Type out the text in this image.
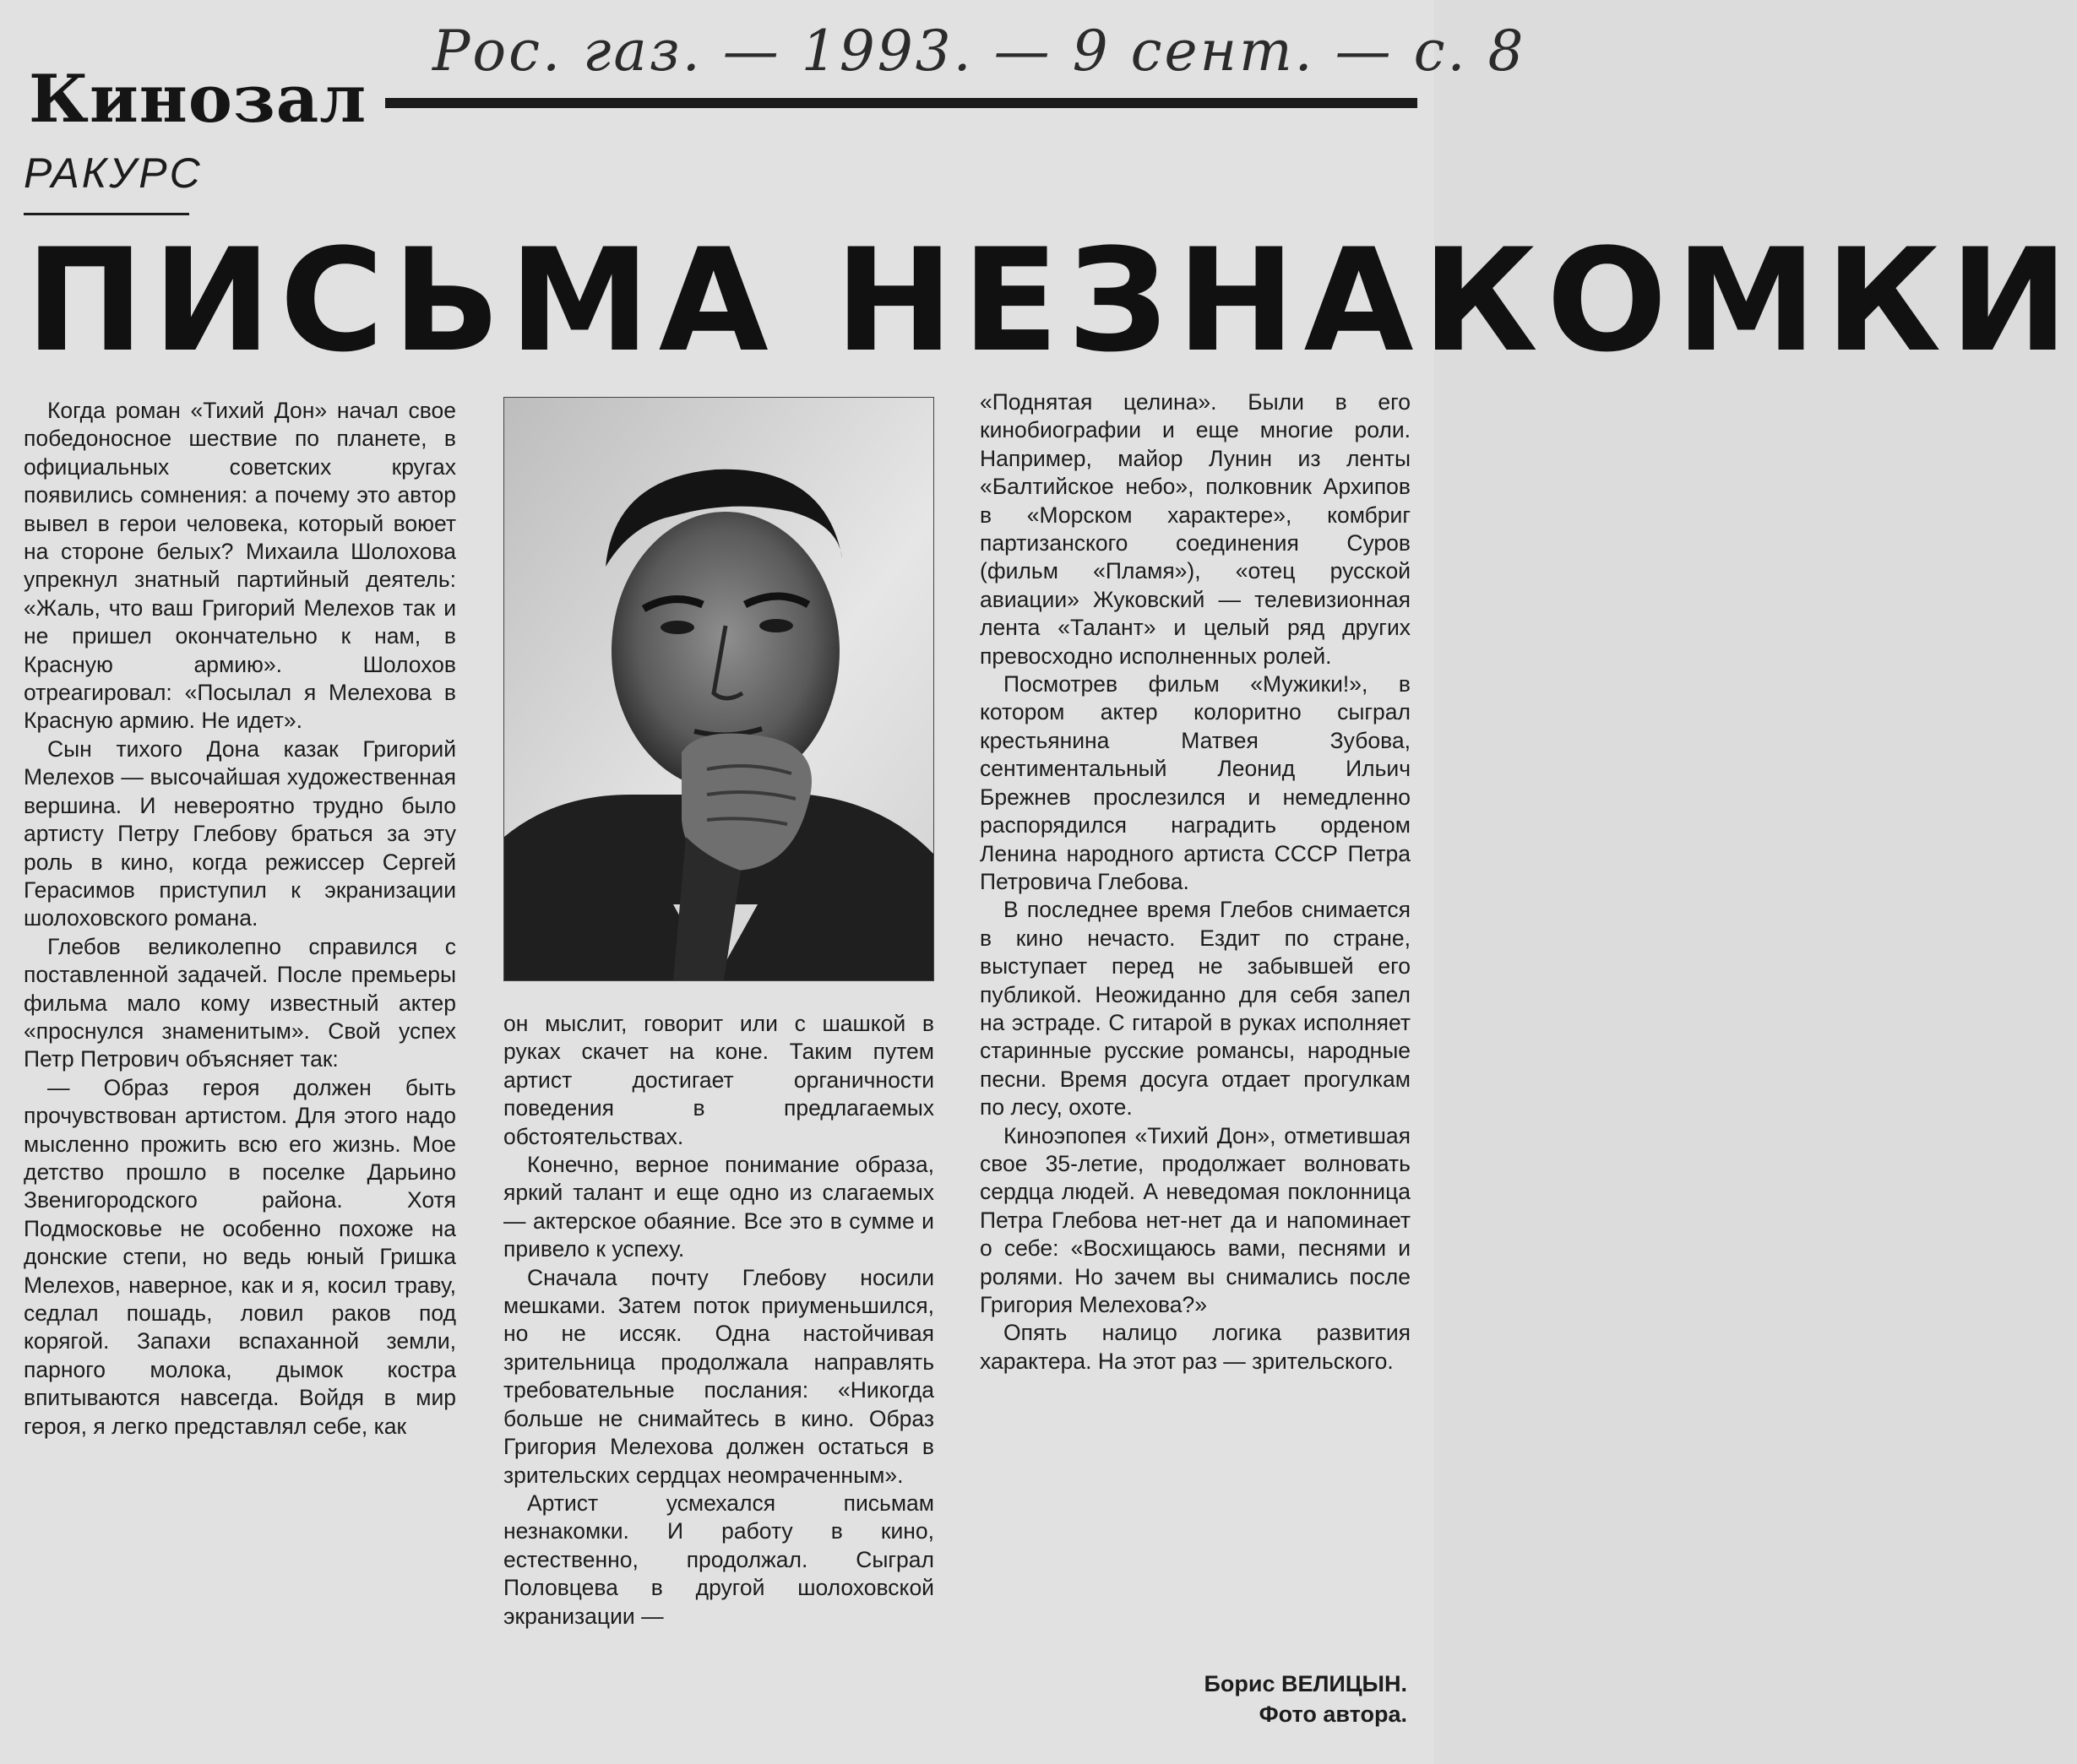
Рос. газ. — 1993. — 9 сент. — с. 8
Кинозал
РАКУРС
ПИСЬМА НЕЗНАКОМКИ

Когда роман «Тихий Дон» начал свое победоносное шествие по планете, в официальных советских кругах появились сомнения: а почему это автор вывел в герои человека, который воюет на стороне белых? Михаила Шолохова упрекнул знатный партийный деятель: «Жаль, что ваш Григорий Мелехов так и не пришел окончательно к нам, в Красную армию». Шолохов отреагировал: «Посылал я Мелехова в Красную армию. Не идет».

Сын тихого Дона казак Григорий Мелехов — высочайшая художественная вершина. И невероятно трудно было артисту Петру Глебову браться за эту роль в кино, когда режиссер Сергей Герасимов приступил к экранизации шолоховского романа.

Глебов великолепно справился с поставленной задачей. После премьеры фильма мало кому известный актер «проснулся знаменитым». Свой успех Петр Петрович объясняет так:

— Образ героя должен быть прочувствован артистом. Для этого надо мысленно прожить всю его жизнь. Мое детство прошло в поселке Дарьино Звенигородского района. Хотя Подмосковье не особенно похоже на донские степи, но ведь юный Гришка Мелехов, наверное, как и я, косил траву, седлал пошадь, ловил раков под корягой. Запахи вспаханной земли, парного молока, дымок костра впитываются навсегда. Войдя в мир героя, я легко представлял себе, как

он мыслит, говорит или с шашкой в руках скачет на коне. Таким путем артист достигает органичности поведения в предлагаемых обстоятельствах.

Конечно, верное понимание образа, яркий талант и еще одно из слагаемых — актерское обаяние. Все это в сумме и привело к успеху.

Сначала почту Глебову носили мешками. Затем поток приуменьшился, но не иссяк. Одна настойчивая зрительница продолжала направлять требовательные послания: «Никогда больше не снимайтесь в кино. Образ Григория Мелехова должен остаться в зрительских сердцах неомраченным».

Артист усмехался письмам незнакомки. И работу в кино, естественно, продолжал. Сыграл Половцева в другой шолоховской экранизации —

«Поднятая целина». Были в его кинобиографии и еще многие роли. Например, майор Лунин из ленты «Балтийское небо», полковник Архипов в «Морском характере», комбриг партизанского соединения Суров (фильм «Пламя»), «отец русской авиации» Жуковский — телевизионная лента «Талант» и целый ряд других превосходно исполненных ролей.

Посмотрев фильм «Мужики!», в котором актер колоритно сыграл крестьянина Матвея Зубова, сентиментальный Леонид Ильич Брежнев прослезился и немедленно распорядился наградить орденом Ленина народного артиста СССР Петра Петровича Глебова.

В последнее время Глебов снимается в кино нечасто. Ездит по стране, выступает перед не забывшей его публикой. Неожиданно для себя запел на эстраде. С гитарой в руках исполняет старинные русские романсы, народные песни. Время досуга отдает прогулкам по лесу, охоте.

Киноэпопея «Тихий Дон», отметившая свое 35-летие, продолжает волновать сердца людей. А неведомая поклонница Петра Глебова нет-нет да и напоминает о себе: «Восхищаюсь вами, песнями и ролями. Но зачем вы снимались после Григория Мелехова?»

Опять налицо логика развития характера. На этот раз — зрительского.

Борис ВЕЛИЦЫН.
Фото автора.
